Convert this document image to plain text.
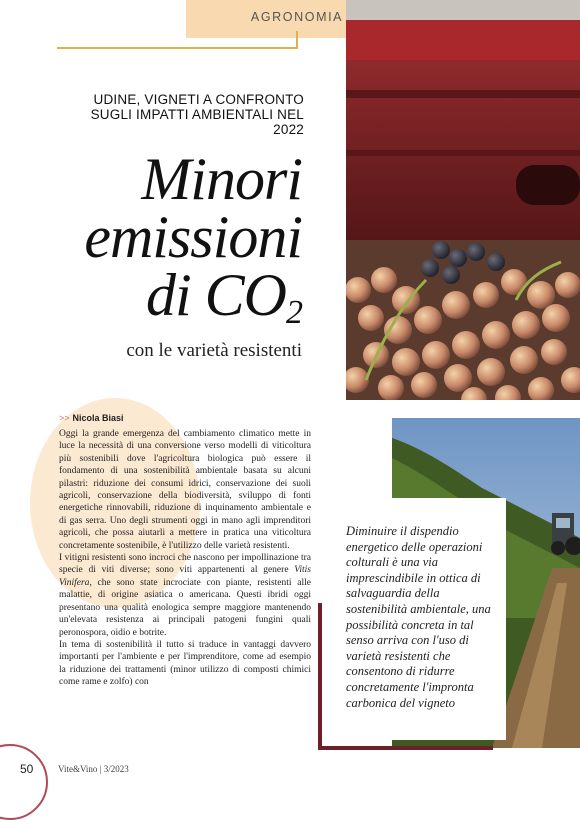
AGRONOMIA
UDINE, VIGNETI A CONFRONTO
SUGLI IMPATTI AMBIENTALI NEL 2022
Minori
emissioni
di $CO_2$
con le varietà resistenti
>> Nicola Biasi

Oggi la grande emergenza del cambiamento climatico mette in luce la necessità di una conversione verso modelli di viticoltura più sostenibili dove l'agricoltura biologica può essere il fondamento di una sostenibilità ambientale basata su alcuni pilastri: riduzione dei consumi idrici, conservazione dei suoli agricoli, conservazione della biodiversità, sviluppo di fonti energetiche rinnovabili, riduzione di inquinamento ambientale e di gas serra. Uno degli strumenti oggi in mano agli imprenditori agricoli, che possa aiutarli a mettere in pratica una viticoltura concretamente sostenibile, è l'utilizzo delle varietà resistenti.

I vitigni resistenti sono incroci che nascono per impollinazione tra specie di viti diverse; sono viti appartenenti al genere Vitis Vinifera, che sono state incrociate con piante, resistenti alle malattie, di origine asiatica o americana. Questi ibridi oggi presentano una qualità enologica sempre maggiore mantenendo un'elevata resistenza ai principali patogeni fungini quali peronospora, oidio e botrite.

In tema di sostenibilità il tutto si traduce in vantaggi davvero importanti per l'ambiente e per l'imprenditore, come ad esempio la riduzione dei trattamenti (minor utilizzo di composti chimici come rame e zolfo) con

Diminuire il dispendio energetico delle operazioni colturali è una via imprescindibile in ottica di salvaguardia della sostenibilità ambientale, una possibilità concreta in tal senso arriva con l'uso di varietà resistenti che consentono di ridurre concretamente l'impronta carbonica del vigneto
50	Vite&Vino | 3/2023
